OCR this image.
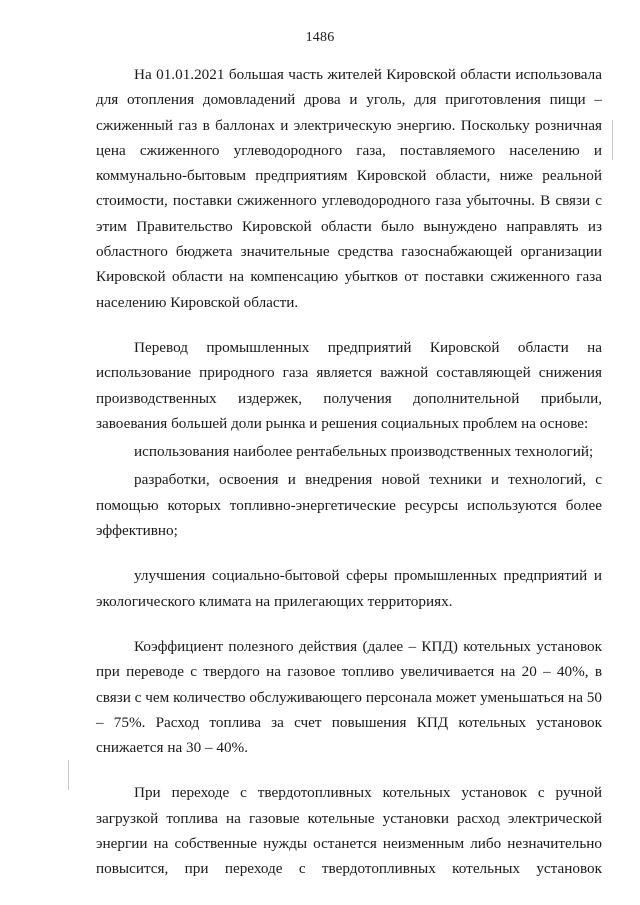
1486

На 01.01.2021 большая часть жителей Кировской области использовала для отопления домовладений дрова и уголь, для приготовления пищи – сжиженный газ в баллонах и электрическую энергию. Поскольку розничная цена сжиженного углеводородного газа, поставляемого населению и коммунально-бытовым предприятиям Кировской области, ниже реальной стоимости, поставки сжиженного углеводородного газа убыточны. В связи с этим Правительство Кировской области было вынуждено направлять из областного бюджета значительные средства газоснабжающей организации Кировской области на компенсацию убытков от поставки сжиженного газа населению Кировской области.

Перевод промышленных предприятий Кировской области на использование природного газа является важной составляющей снижения производственных издержек, получения дополнительной прибыли, завоевания большей доли рынка и решения социальных проблем на основе:

использования наиболее рентабельных производственных технологий;

разработки, освоения и внедрения новой техники и технологий, с помощью которых топливно-энергетические ресурсы используются более эффективно;

улучшения социально-бытовой сферы промышленных предприятий и экологического климата на прилегающих территориях.

Коэффициент полезного действия (далее – КПД) котельных установок при переводе с твердого на газовое топливо увеличивается на 20 – 40%, в связи с чем количество обслуживающего персонала может уменьшаться на 50 – 75%. Расход топлива за счет повышения КПД котельных установок снижается на 30 – 40%.

При переходе с твердотопливных котельных установок с ручной загрузкой топлива на газовые котельные установки расход электрической энергии на собственные нужды останется неизменным либо незначительно повысится, при переходе с твердотопливных котельных установок
